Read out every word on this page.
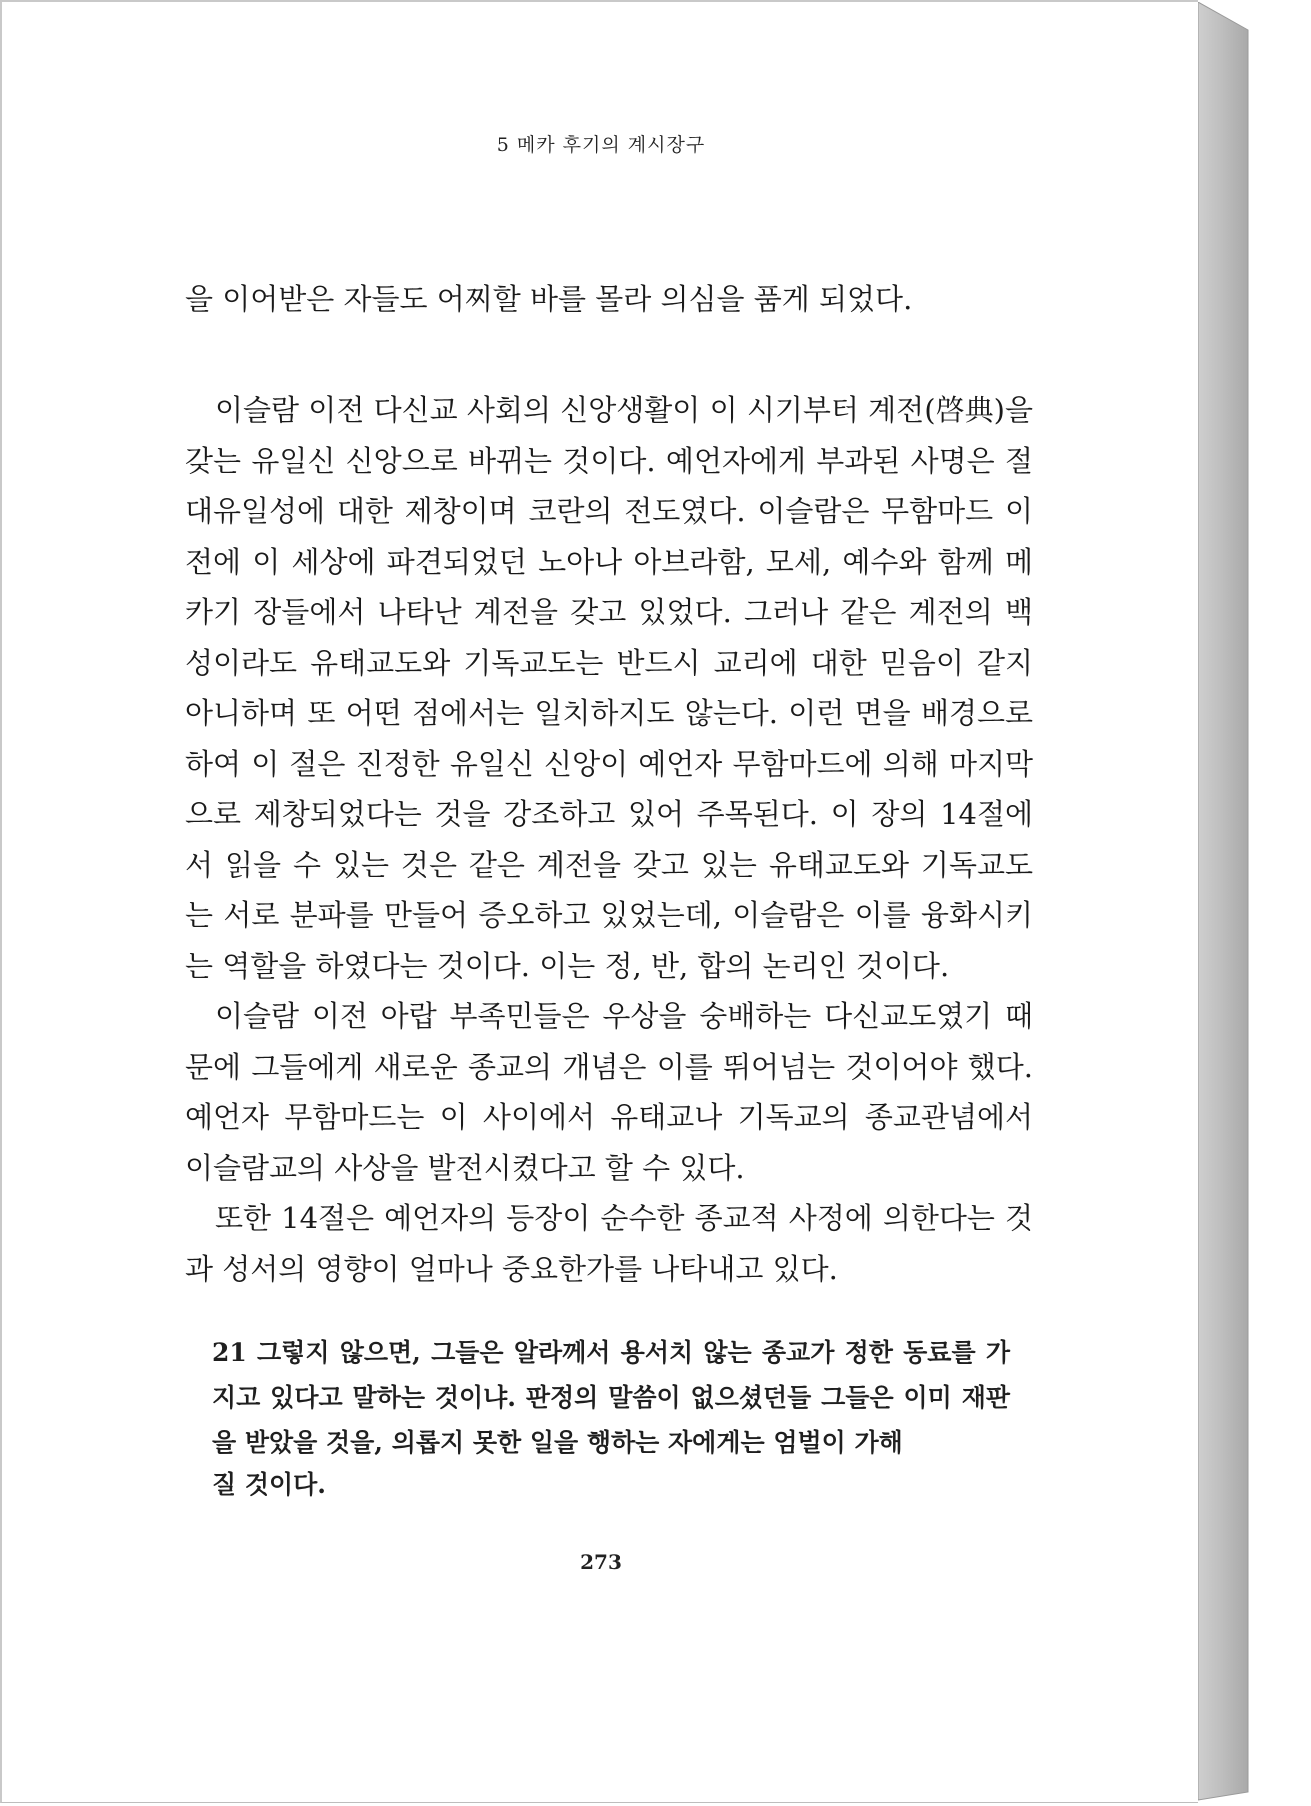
5 메카 후기의 계시장구

을 이어받은 자들도 어찌할 바를 몰라 의심을 품게 되었다.

이슬람 이전 다신교 사회의 신앙생활이 이 시기부터 계전(啓典)을 갖는 유일신 신앙으로 바뀌는 것이다. 예언자에게 부과된 사명은 절대유일성에 대한 제창이며 코란의 전도였다. 이슬람은 무함마드 이전에 이 세상에 파견되었던 노아나 아브라함, 모세, 예수와 함께 메카기 장들에서 나타난 계전을 갖고 있었다. 그러나 같은 계전의 백성이라도 유태교도와 기독교도는 반드시 교리에 대한 믿음이 같지 아니하며 또 어떤 점에서는 일치하지도 않는다. 이런 면을 배경으로 하여 이 절은 진정한 유일신 신앙이 예언자 무함마드에 의해 마지막으로 제창되었다는 것을 강조하고 있어 주목된다. 이 장의 14절에서 읽을 수 있는 것은 같은 계전을 갖고 있는 유태교도와 기독교도는 서로 분파를 만들어 증오하고 있었는데, 이슬람은 이를 융화시키는 역할을 하였다는 것이다. 이는 정, 반, 합의 논리인 것이다.

이슬람 이전 아랍 부족민들은 우상을 숭배하는 다신교도였기 때문에 그들에게 새로운 종교의 개념은 이를 뛰어넘는 것이어야 했다. 예언자 무함마드는 이 사이에서 유태교나 기독교의 종교관념에서 이슬람교의 사상을 발전시켰다고 할 수 있다.

또한 14절은 예언자의 등장이 순수한 종교적 사정에 의한다는 것과 성서의 영향이 얼마나 중요한가를 나타내고 있다.

21 그렇지 않으면, 그들은 알라께서 용서치 않는 종교가 정한 동료를 가지고 있다고 말하는 것이냐. 판정의 말씀이 없으셨던들 그들은 이미 재판을 받았을 것을, 의롭지 못한 일을 행하는 자에게는 엄벌이 가해

질 것이다.
273
